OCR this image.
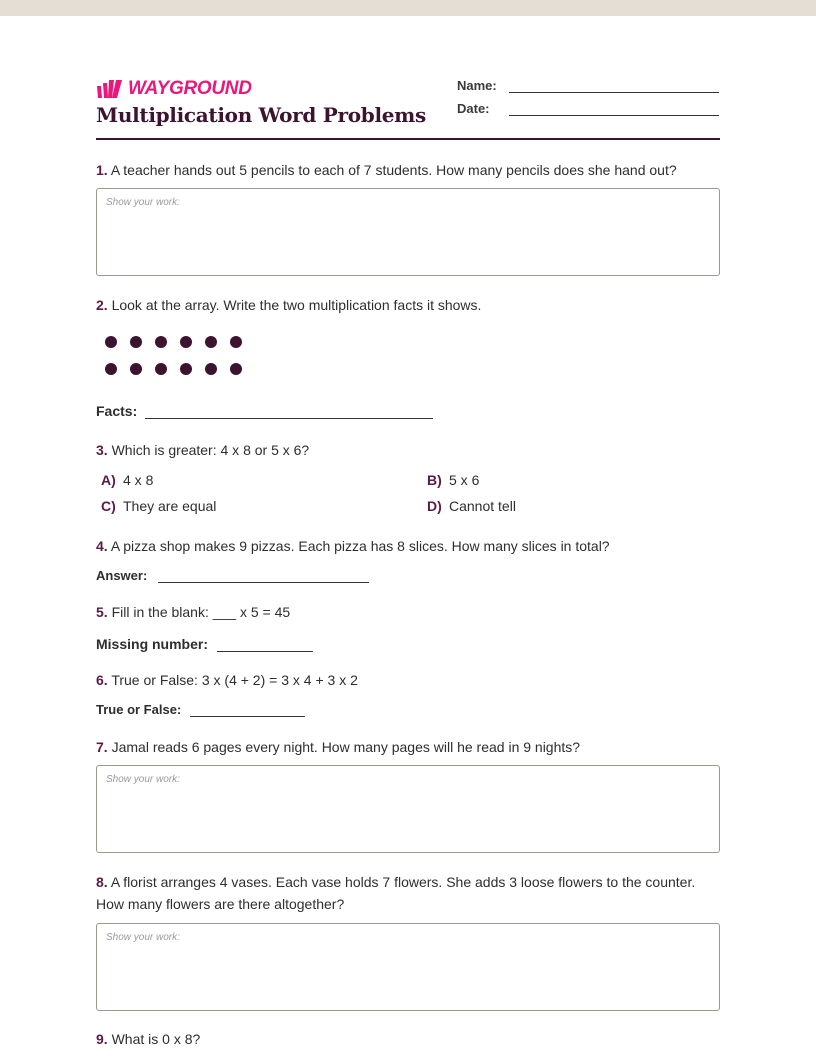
WAYGROUND
Multiplication Word Problems
Name:
Date:
1. A teacher hands out 5 pencils to each of 7 students. How many pencils does she hand out?
Show your work:
2. Look at the array. Write the two multiplication facts it shows.
Facts:
3. Which is greater: 4 x 8 or 5 x 6?
A) 4 x 8	B) 5 x 6
C) They are equal	D) Cannot tell
4. A pizza shop makes 9 pizzas. Each pizza has 8 slices. How many slices in total?
Answer:
5. Fill in the blank: ___ x 5 = 45
Missing number:
6. True or False: 3 x (4 + 2) = 3 x 4 + 3 x 2
True or False:
7. Jamal reads 6 pages every night. How many pages will he read in 9 nights?
Show your work:
8. A florist arranges 4 vases. Each vase holds 7 flowers. She adds 3 loose flowers to the counter. How many flowers are there altogether?
Show your work:
9. What is 0 x 8?
